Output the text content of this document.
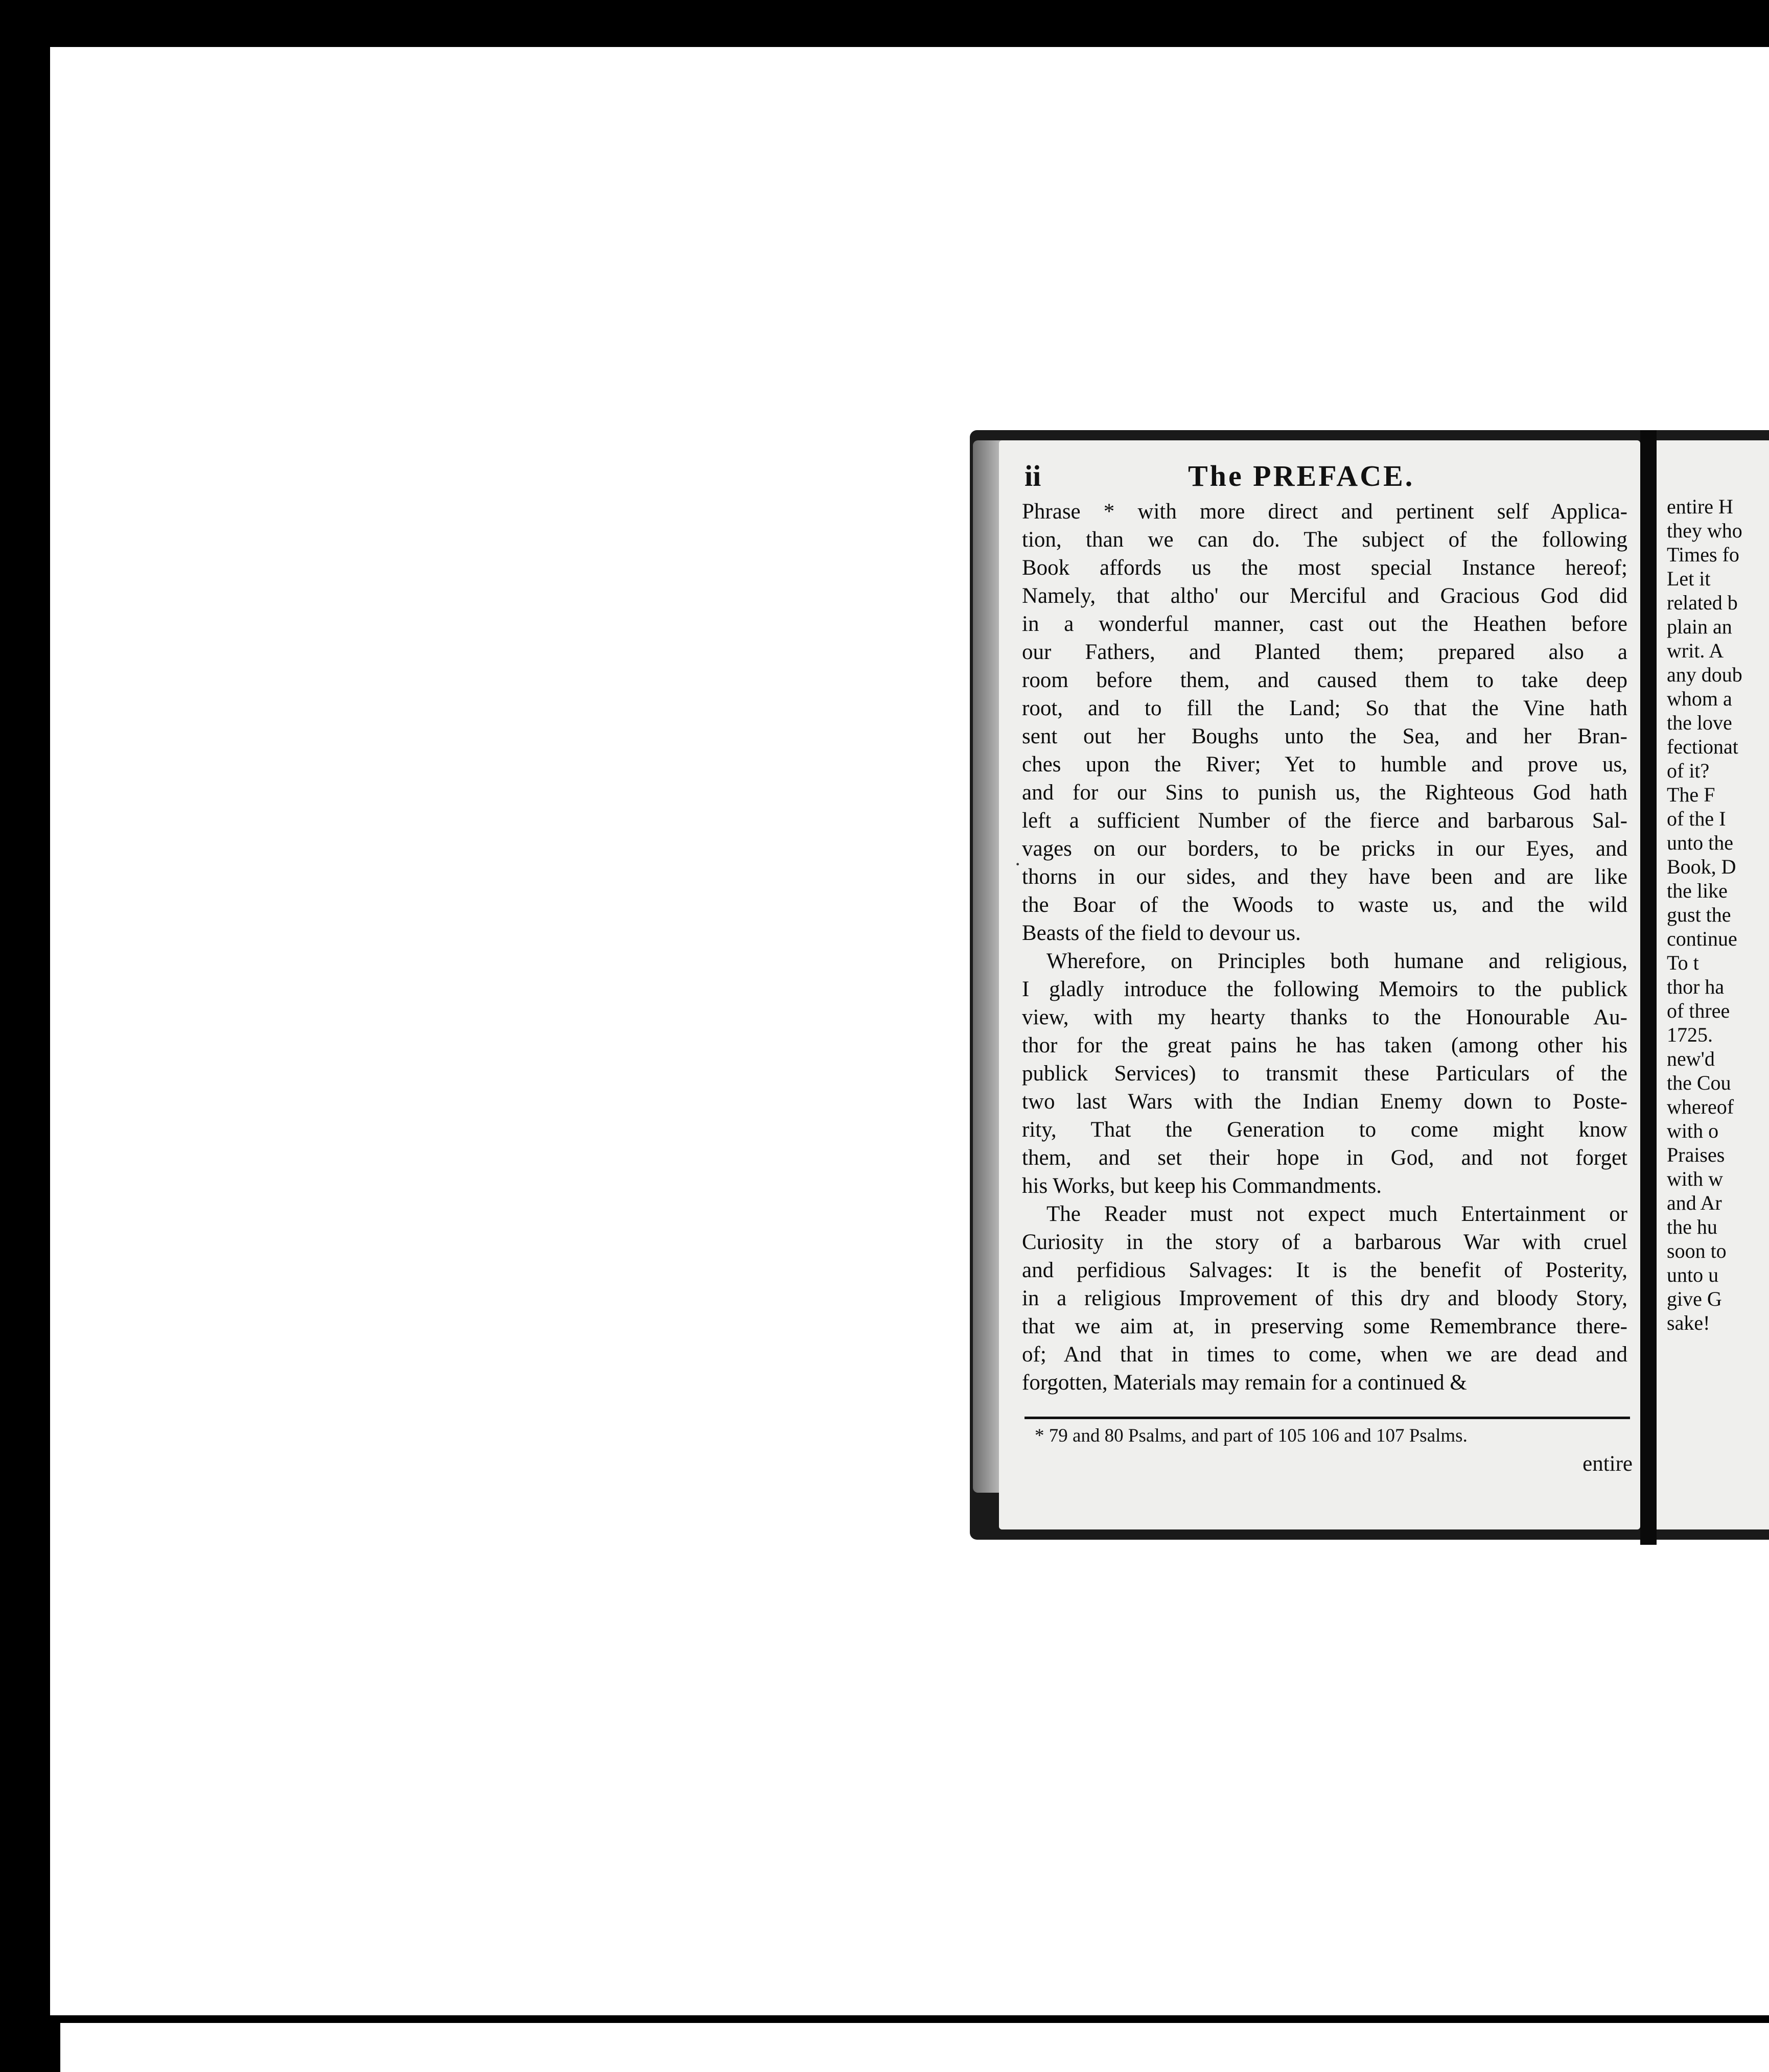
ii	The PREFACE.
Phrase * with more direct and pertinent self Applica-
tion, than we can do. The subject of the following
Book affords us the most special Instance hereof;
Namely, that altho' our Merciful and Gracious God did
in a wonderful manner, cast out the Heathen before
our Fathers, and Planted them; prepared also a
room before them, and caused them to take deep
root, and to fill the Land; So that the Vine hath
sent out her Boughs unto the Sea, and her Bran-
ches upon the River; Yet to humble and prove us,
and for our Sins to punish us, the Righteous God hath
left a sufficient Number of the fierce and barbarous Sal-
vages on our borders, to be pricks in our Eyes, and
thorns in our sides, and they have been and are like
the Boar of the Woods to waste us, and the wild
Beasts of the field to devour us.
Wherefore, on Principles both humane and religious,
I gladly introduce the following Memoirs to the publick
view, with my hearty thanks to the Honourable Au-
thor for the great pains he has taken (among other his
publick Services) to transmit these Particulars of the
two last Wars with the Indian Enemy down to Poste-
rity, That the Generation to come might know
them, and set their hope in God, and not forget
his Works, but keep his Commandments.
The Reader must not expect much Entertainment or
Curiosity in the story of a barbarous War with cruel
and perfidious Salvages: It is the benefit of Posterity,
in a religious Improvement of this dry and bloody Story,
that we aim at, in preserving some Remembrance there-
of; And that in times to come, when we are dead and
forgotten, Materials may remain for a continued &
·
* 79 and 80 Psalms, and part of 105 106 and 107 Psalms.
entire
entire H
they who
Times fo
Let it
related b
plain an
writ. A
any doub
whom a
the love
fectionat
of it?
The F
of the I
unto the
Book, D
the like
gust the
continue
To t
thor ha
of three
1725.
new'd
the Cou
whereof
with o
Praises
with w
and Ar
the hu
soon to
unto u
give G
sake!
